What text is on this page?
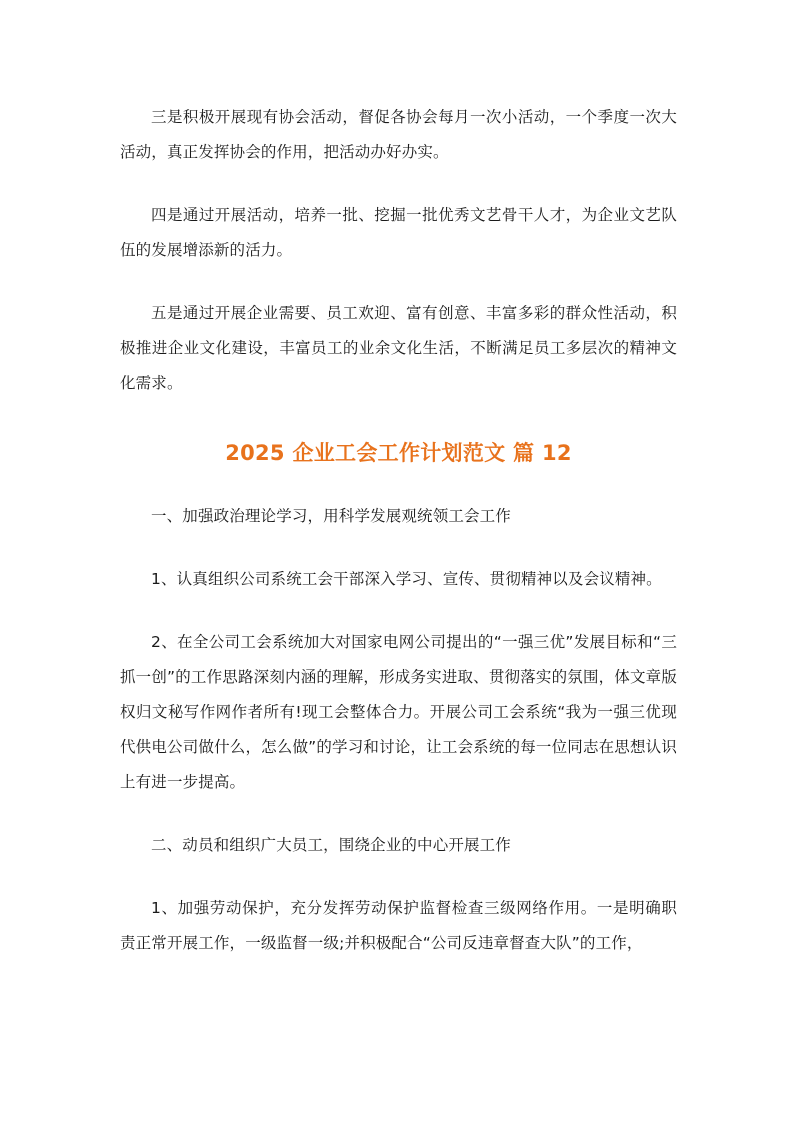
三是积极开展现有协会活动，督促各协会每月一次小活动，一个季度一次大活动，真正发挥协会的作用，把活动办好办实。

四是通过开展活动，培养一批、挖掘一批优秀文艺骨干人才，为企业文艺队伍的发展增添新的活力。

五是通过开展企业需要、员工欢迎、富有创意、丰富多彩的群众性活动，积极推进企业文化建设，丰富员工的业余文化生活，不断满足员工多层次的精神文化需求。

2025 企业工会工作计划范文 篇 12

一、加强政治理论学习，用科学发展观统领工会工作

1、认真组织公司系统工会干部深入学习、宣传、贯彻精神以及会议精神。

2、在全公司工会系统加大对国家电网公司提出的“一强三优”发展目标和“三抓一创”的工作思路深刻内涵的理解，形成务实进取、贯彻落实的氛围，体文章版权归文秘写作网作者所有!现工会整体合力。开展公司工会系统“我为一强三优现代供电公司做什么，怎么做”的学习和讨论，让工会系统的每一位同志在思想认识上有进一步提高。

二、动员和组织广大员工，围绕企业的中心开展工作

1、加强劳动保护，充分发挥劳动保护监督检查三级网络作用。一是明确职责正常开展工作，一级监督一级;并积极配合“公司反违章督查大队”的工作，
